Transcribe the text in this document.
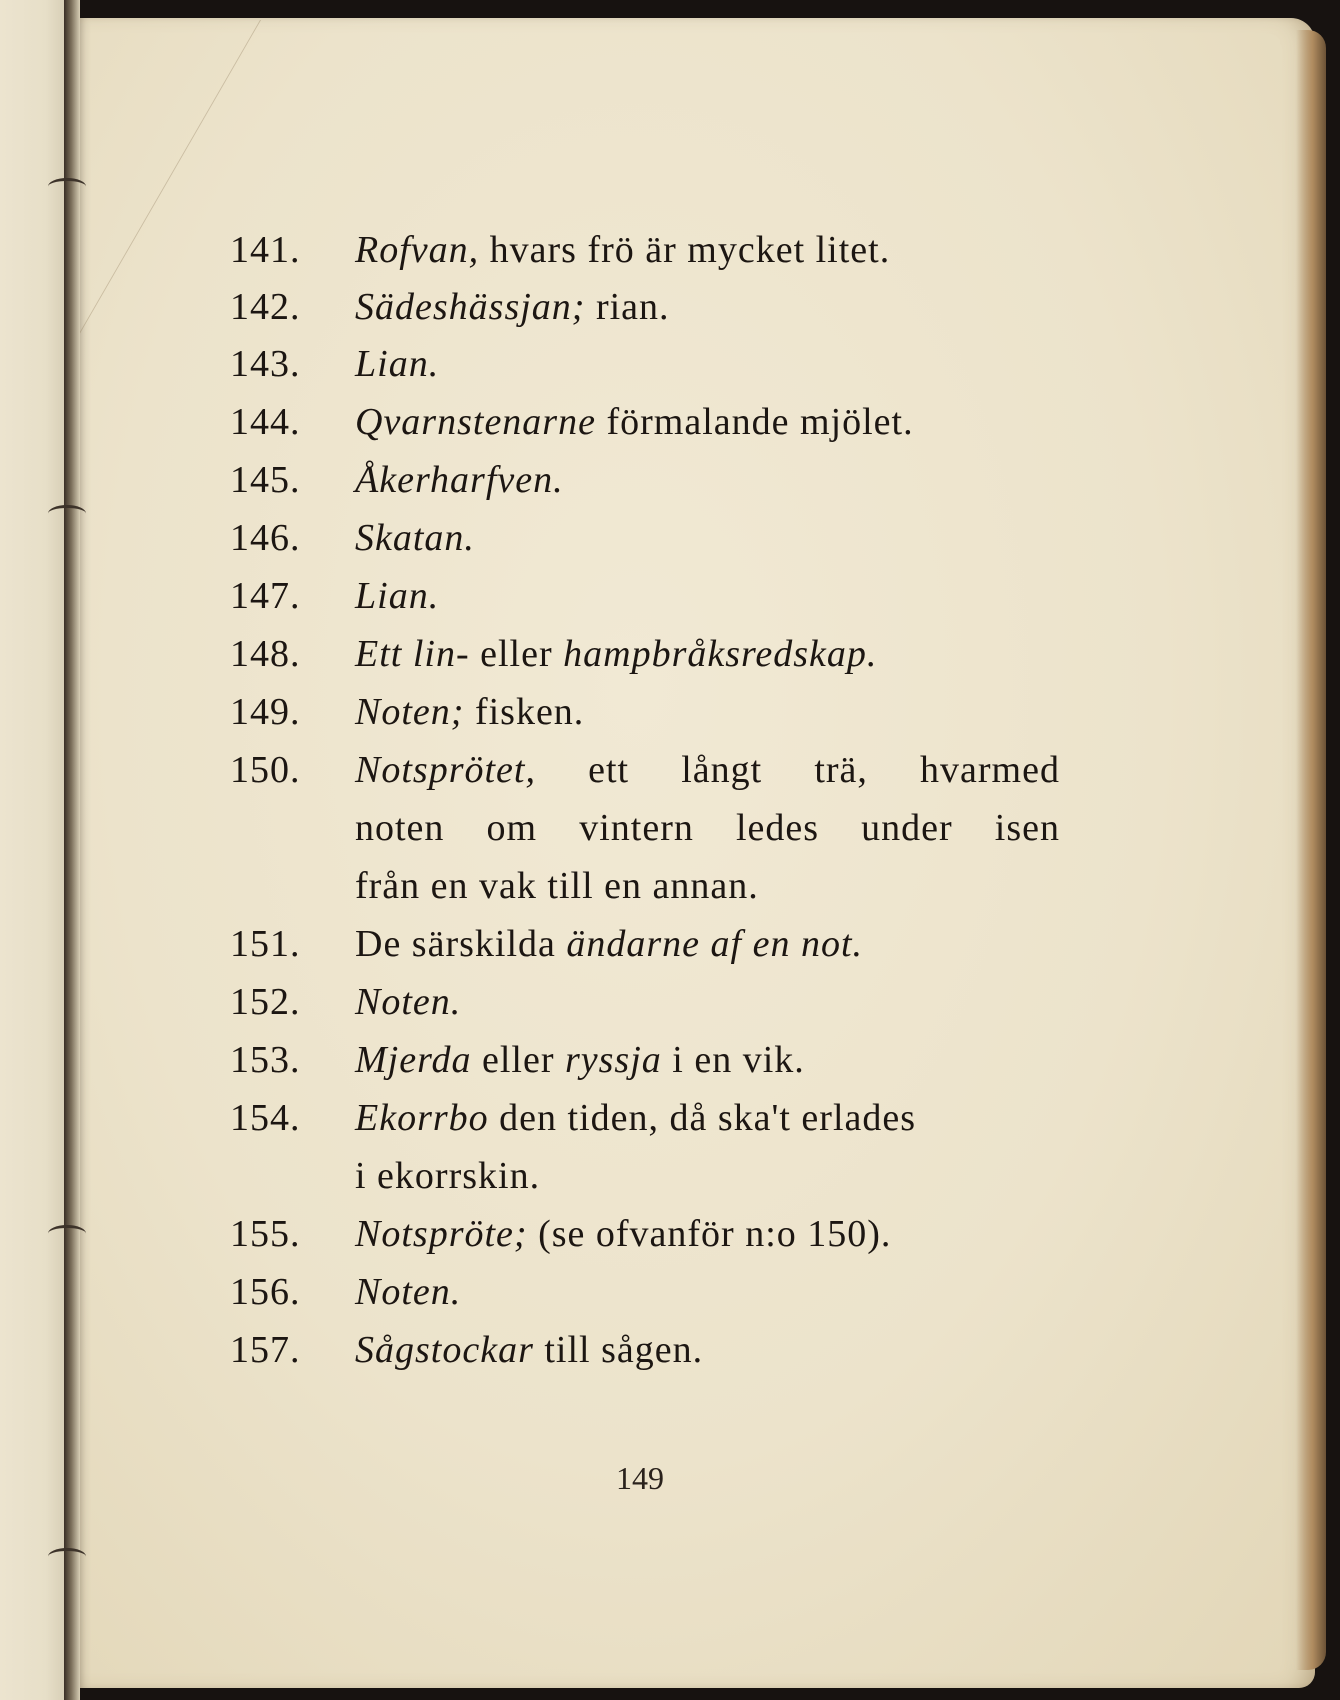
141.	Rofvan, hvars frö är mycket litet.
142.	Sädeshässjan; rian.
143.	Lian.
144.	Qvarnstenarne förmalande mjölet.
145.	Åkerharfven.
146.	Skatan.
147.	Lian.
148.	Ett lin- eller hampbråksredskap.
149.	Noten; fisken.
150.	Notsprötet, ett långt trä, hvarmed
noten om vintern ledes under isen
från en vak till en annan.
151.	De särskilda ändarne af en not.
152.	Noten.
153.	Mjerda eller ryssja i en vik.
154.	Ekorrbo den tiden, då ska't erlades
i ekorrskin.
155.	Notspröte; (se ofvanför n:o 150).
156.	Noten.
157.	Sågstockar till sågen.
149
